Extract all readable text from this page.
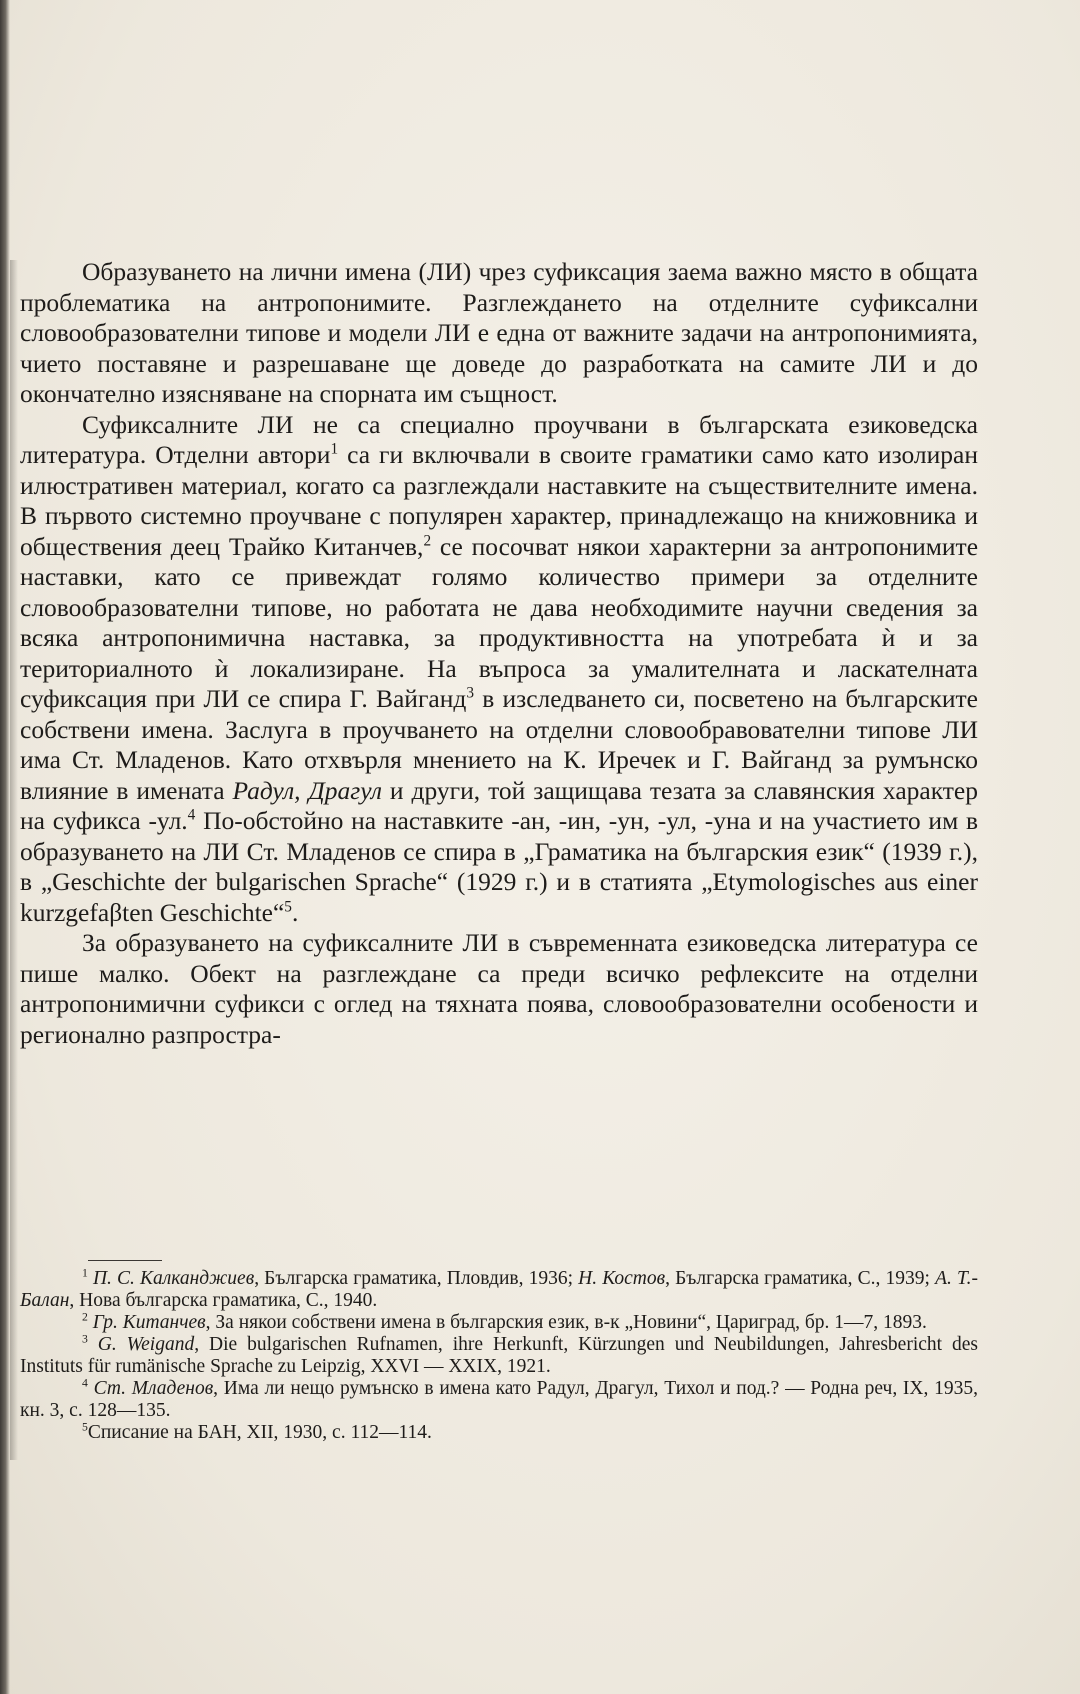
Образуването на лични имена (ЛИ) чрез суфиксация заема важно място в общата проблематика на антропонимите. Разглеждането на отделните суфиксални словообразователни типове и модели ЛИ е една от важните задачи на антропонимията, чието поставяне и разрешаване ще доведе до разработката на самите ЛИ и до окончателно изясняване на спорната им същност.

Суфиксалните ЛИ не са специално проучвани в българската езиковедска литература. Отделни автори$^1$ са ги включвали в своите граматики само като изолиран илюстративен материал, когато са разглеждали наставките на съществителните имена. В първото системно проучване с популярен характер, принадлежащо на книжовника и обществения деец Трайко Китанчев,$^2$ се посочват някои характерни за антропонимите наставки, като се привеждат голямо количество примери за отделните словообразователни типове, но работата не дава необходимите научни сведения за всяка антропонимична наставка, за продуктивността на употребата ѝ и за териториалното ѝ локализиране. На въпроса за умалителната и ласкателната суфиксация при ЛИ се спира Г. Вайганд$^3$ в изследването си, посветено на българските собствени имена. Заслуга в проучването на отделни словообравователни типове ЛИ има Ст. Младенов. Като отхвърля мнението на К. Иречек и Г. Вайганд за румънско влияние в имената Радул, Драгул и други, той защищава тезата за славянския характер на суфикса -ул.$^4$ По-обстойно на наставките -ан, -ин, -ун, -ул, -уна и на участието им в образуването на ЛИ Ст. Младенов се спира в „Граматика на българския език“ (1939 г.), в „Geschichte der bulgarischen Sprache“ (1929 г.) и в статията „Etymologisches aus einer kurzgefaβten Geschichte“$^5$.

За образуването на суфиксалните ЛИ в съвременната езиковедска литература се пише малко. Обект на разглеждане са преди всичко рефлексите на отделни антропонимични суфикси с оглед на тяхната поява, словообразователни особености и регионално разпростра-

$^1$ П. С. Калканджиев, Българска граматика, Пловдив, 1936; Н. Костов, Българска граматика, С., 1939; А. Т.-Балан, Нова българска граматика, С., 1940.

$^2$ Гр. Китанчев, За някои собствени имена в българския език, в-к „Новини“, Цариград, бр. 1—7, 1893.

$^3$ G. Weigand, Die bulgarischen Rufnamen, ihre Herkunft, Kürzungen und Neubildungen, Jahresbericht des Instituts für rumänische Sprache zu Leipzig, XXVI — XXIX, 1921.

$^4$ Ст. Младенов, Има ли нещо румънско в имена като Радул, Драгул, Тихол и под.? — Родна реч, IX, 1935, кн. 3, с. 128—135.

$^5$Списание на БАН, XII, 1930, с. 112—114.
